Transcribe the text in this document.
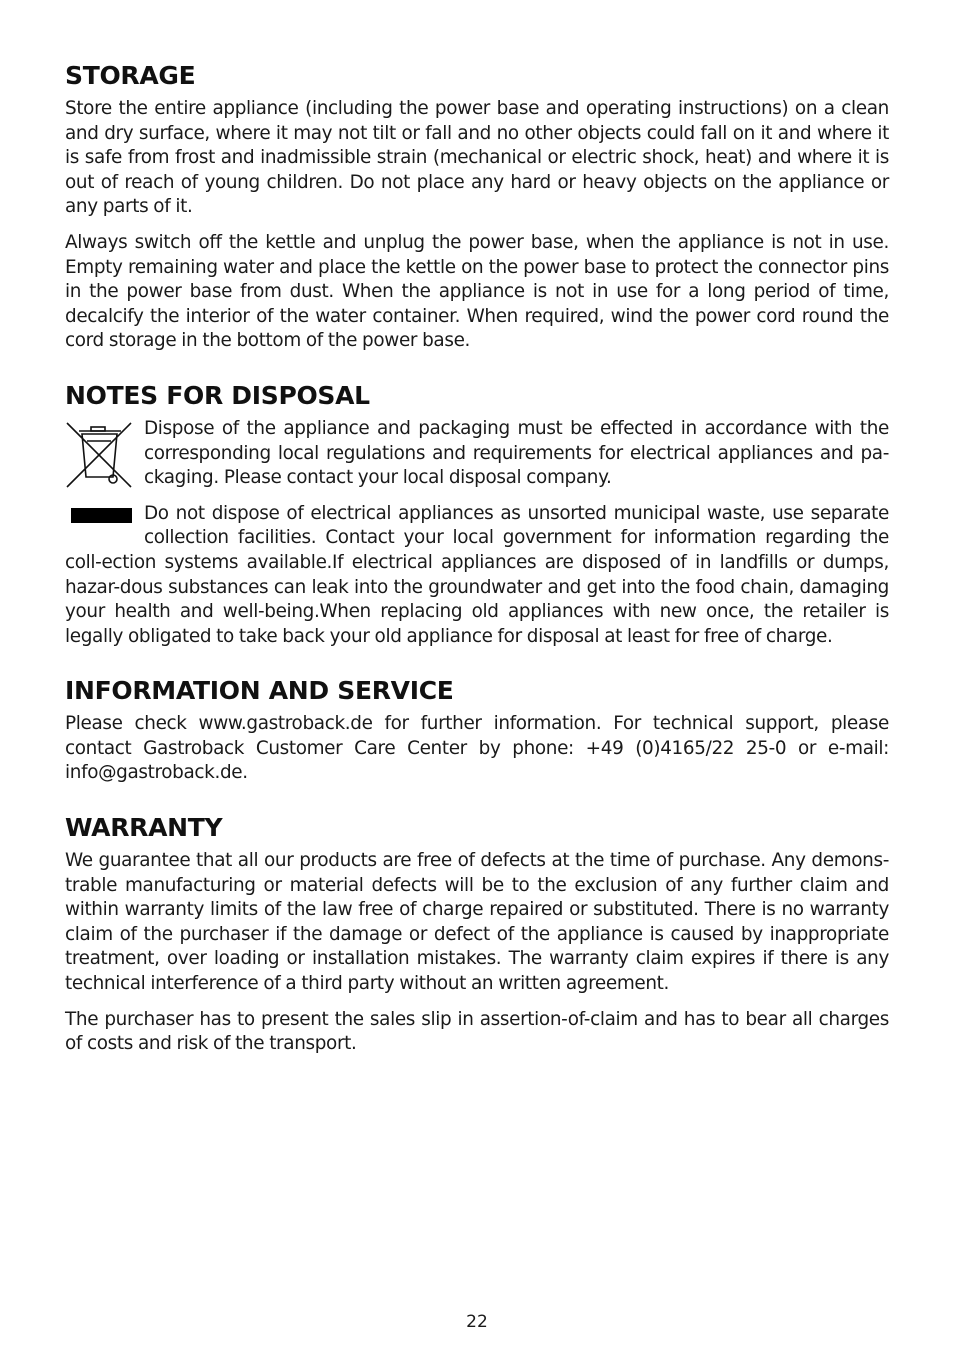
STORAGE

Store the entire appliance (including the power base and operating instructions) on a clean and dry surface, where it may not tilt or fall and no other objects could fall on it and where it is safe from frost and inadmissible strain (mechanical or electric shock, heat) and where it is out of reach of young children. Do not place any hard or heavy objects on the appliance or any parts of it.

Always switch off the kettle and unplug the power base, when the appliance is not in use. Empty remaining water and place the kettle on the power base to protect the connector pins in the power base from dust. When the appliance is not in use for a long period of time, decalcify the interior of the water container. When required, wind the power cord round the cord storage in the bottom of the power base.

NOTES FOR DISPOSAL

Dispose of the appliance and packaging must be effected in accordance with the corresponding local regulations and requirements for electrical appliances and pa-ckaging. Please contact your local disposal company.

Do not dispose of electrical appliances as unsorted municipal waste, use separate collection facilities. Contact your local government for information regarding the coll-ection systems available.If electrical appliances are disposed of in landfills or dumps, hazar-dous substances can leak into the groundwater and get into the food chain, damaging your health and well-being.When replacing old appliances with new once, the retailer is legally obligated to take back your old appliance for disposal at least for free of charge.

INFORMATION AND SERVICE

Please check www.gastroback.de for further information. For technical support, please contact Gastroback Customer Care Center by phone: +49 (0)4165/22 25-0 or e-mail: info@gastroback.de.

WARRANTY

We guarantee that all our products are free of defects at the time of purchase. Any demons-trable manufacturing or material defects will be to the exclusion of any further claim and within warranty limits of the law free of charge repaired or substituted. There is no warranty claim of the purchaser if the damage or defect of the appliance is caused by inappropriate treatment, over loading or installation mistakes. The warranty claim expires if there is any technical interference of a third party without an written agreement.

The purchaser has to present the sales slip in assertion-of-claim and has to bear all charges of costs and risk of the transport.

22
